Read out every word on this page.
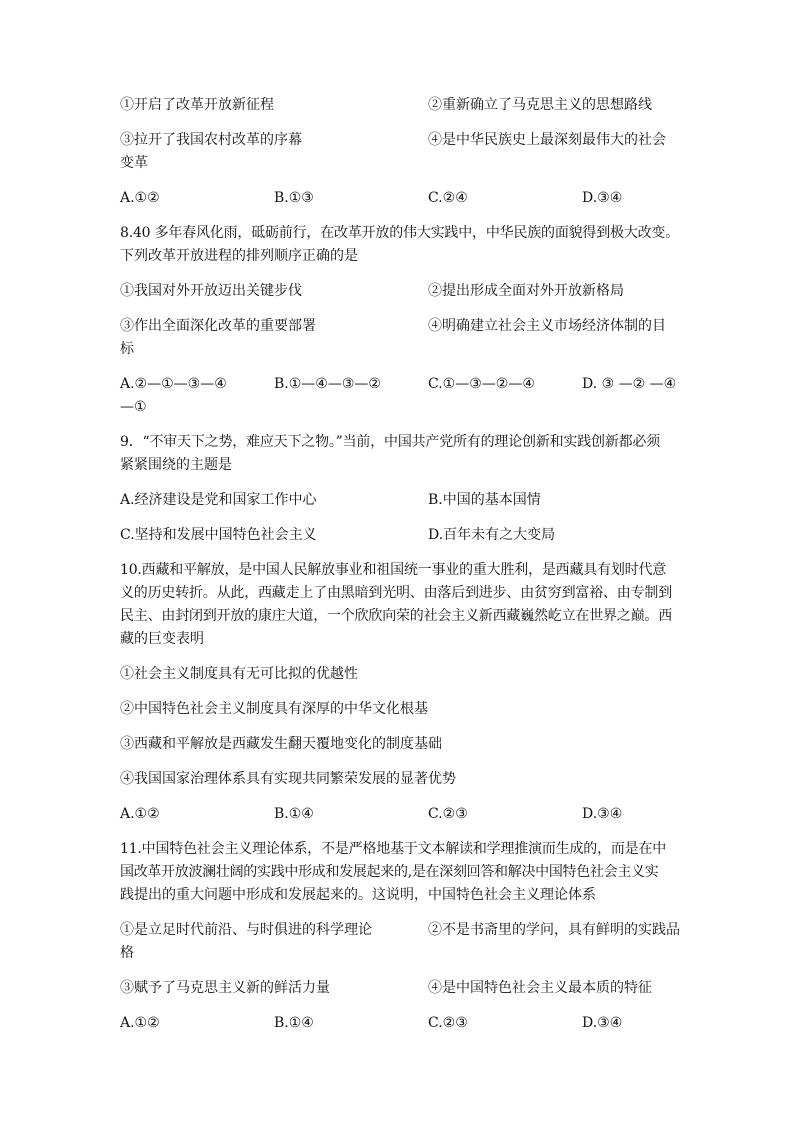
①开启了改革开放新征程	②重新确立了马克思主义的思想路线
③拉开了我国农村改革的序幕	④是中华民族史上最深刻最伟大的社会
变革
A.①②	B.①③	C.②④	D.③④
8.40 多年春风化雨，砥砺前行，在改革开放的伟大实践中，中华民族的面貌得到极大改变。
下列改革开放进程的排列顺序正确的是
①我国对外开放迈出关键步伐	②提出形成全面对外开放新格局
③作出全面深化改革的重要部署	④明确建立社会主义市场经济体制的目
标
A.②—①—③—④	B.①—④—③—②	C.①—③—②—④	D. ③ —② —④
—①
9．“不审天下之势，难应天下之物。”当前，中国共产党所有的理论创新和实践创新都必须
紧紧围绕的主题是
A.经济建设是党和国家工作中心	B.中国的基本国情
C.坚持和发展中国特色社会主义	D.百年未有之大变局
10.西藏和平解放，是中国人民解放事业和祖国统一事业的重大胜利，是西藏具有划时代意
义的历史转折。从此，西藏走上了由黑暗到光明、由落后到进步、由贫穷到富裕、由专制到
民主、由封闭到开放的康庄大道，一个欣欣向荣的社会主义新西藏巍然屹立在世界之巅。西
藏的巨变表明
①社会主义制度具有无可比拟的优越性
②中国特色社会主义制度具有深厚的中华文化根基
③西藏和平解放是西藏发生翻天覆地变化的制度基础
④我国国家治理体系具有实现共同繁荣发展的显著优势
A.①②	B.①④	C.②③	D.③④
11.中国特色社会主义理论体系，不是严格地基于文本解读和学理推演而生成的，而是在中
国改革开放波澜壮阔的实践中形成和发展起来的,是在深刻回答和解决中国特色社会主义实
践提出的重大问题中形成和发展起来的。这说明，中国特色社会主义理论体系
①是立足时代前沿、与时俱进的科学理论	②不是书斋里的学问，具有鲜明的实践品
格
③赋予了马克思主义新的鲜活力量	④是中国特色社会主义最本质的特征
A.①②	B.①④	C.②③	D.③④
